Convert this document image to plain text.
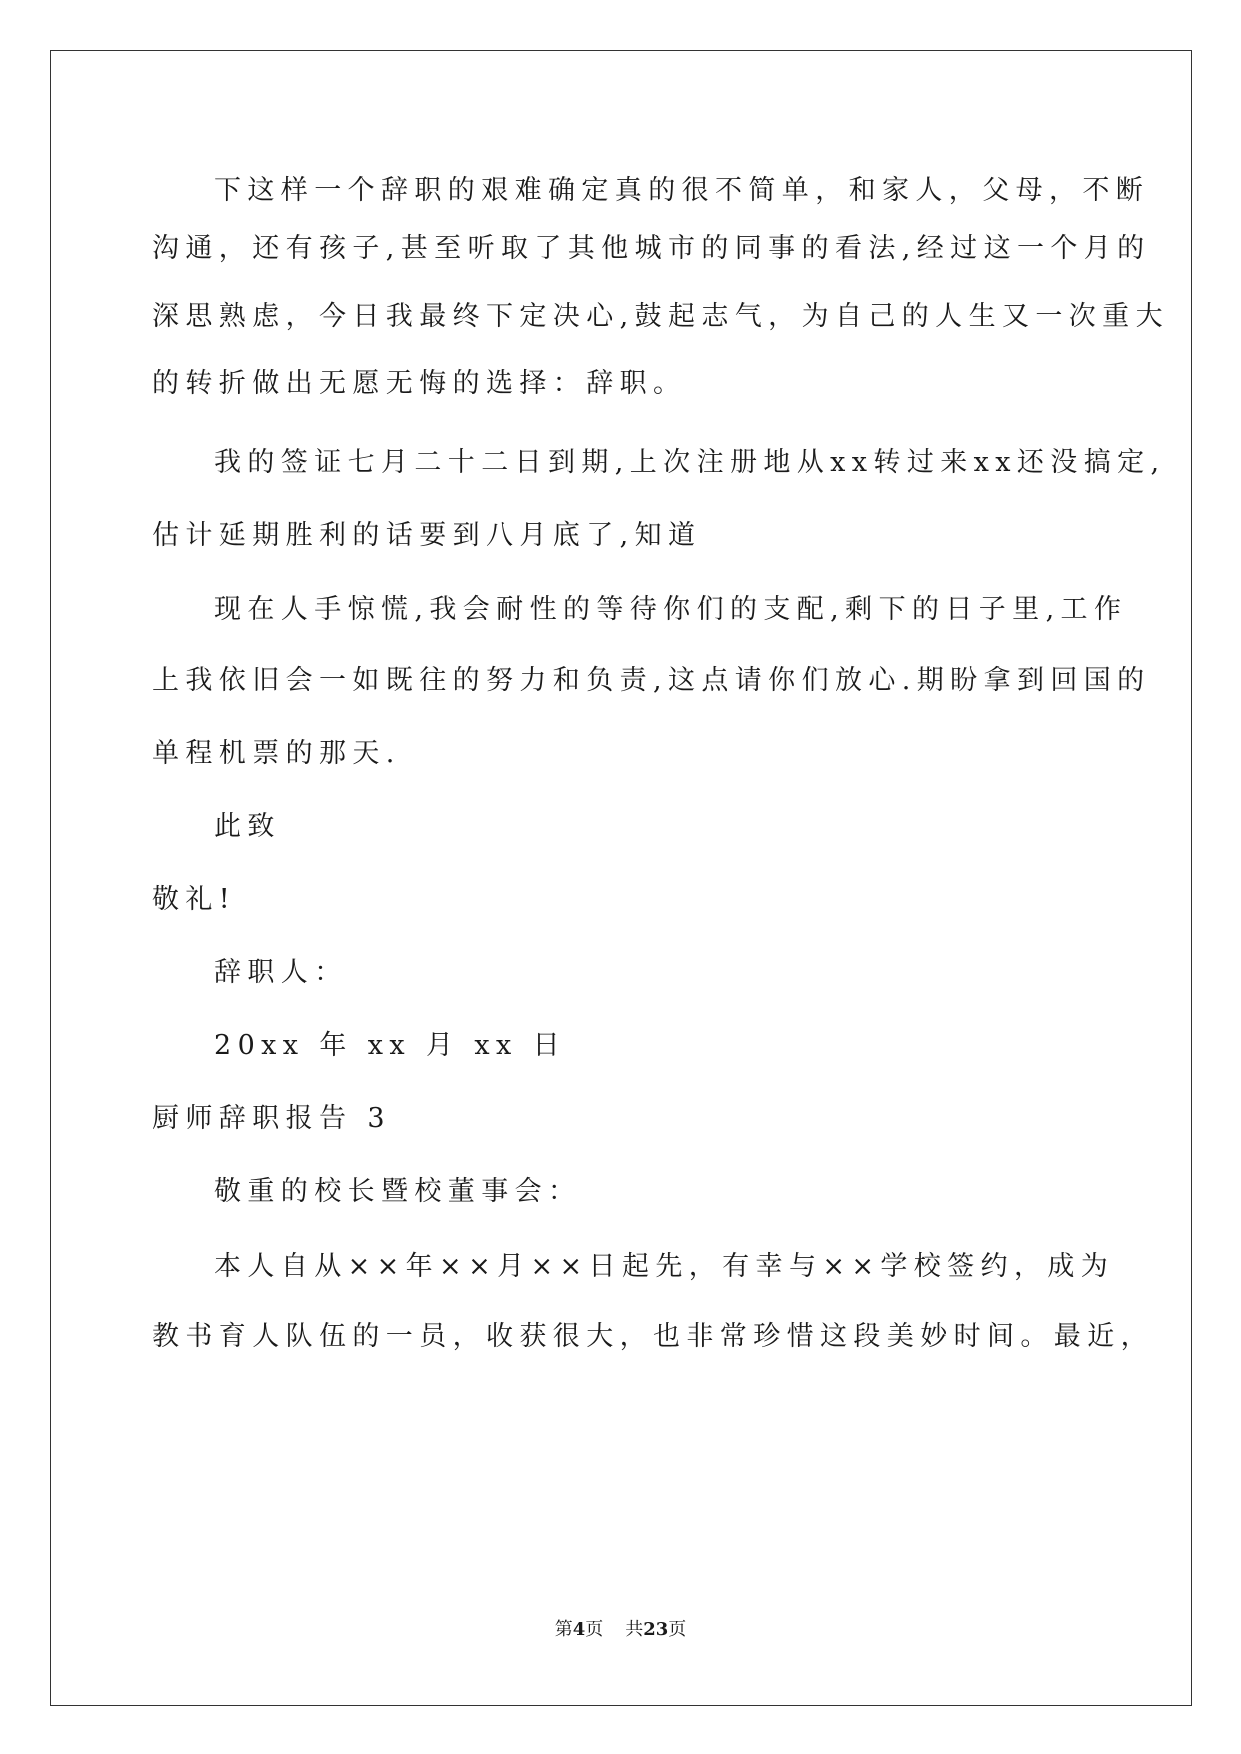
下这样一个辞职的艰难确定真的很不简单，和家人，父母，不断
沟通，还有孩子,甚至听取了其他城市的同事的看法,经过这一个月的
深思熟虑，今日我最终下定决心,鼓起志气，为自己的人生又一次重大
的转折做出无愿无悔的选择：辞职。
我的签证七月二十二日到期,上次注册地从xx转过来xx还没搞定,
估计延期胜利的话要到八月底了,知道
现在人手惊慌,我会耐性的等待你们的支配,剩下的日子里,工作
上我依旧会一如既往的努力和负责,这点请你们放心.期盼拿到回国的
单程机票的那天.
此致
敬礼!
辞职人：
20xx 年 xx 月 xx 日
厨师辞职报告 3
敬重的校长暨校董事会：
本人自从××年××月××日起先，有幸与××学校签约，成为
教书育人队伍的一员，收获很大，也非常珍惜这段美妙时间。最近，
第4页 共23页
